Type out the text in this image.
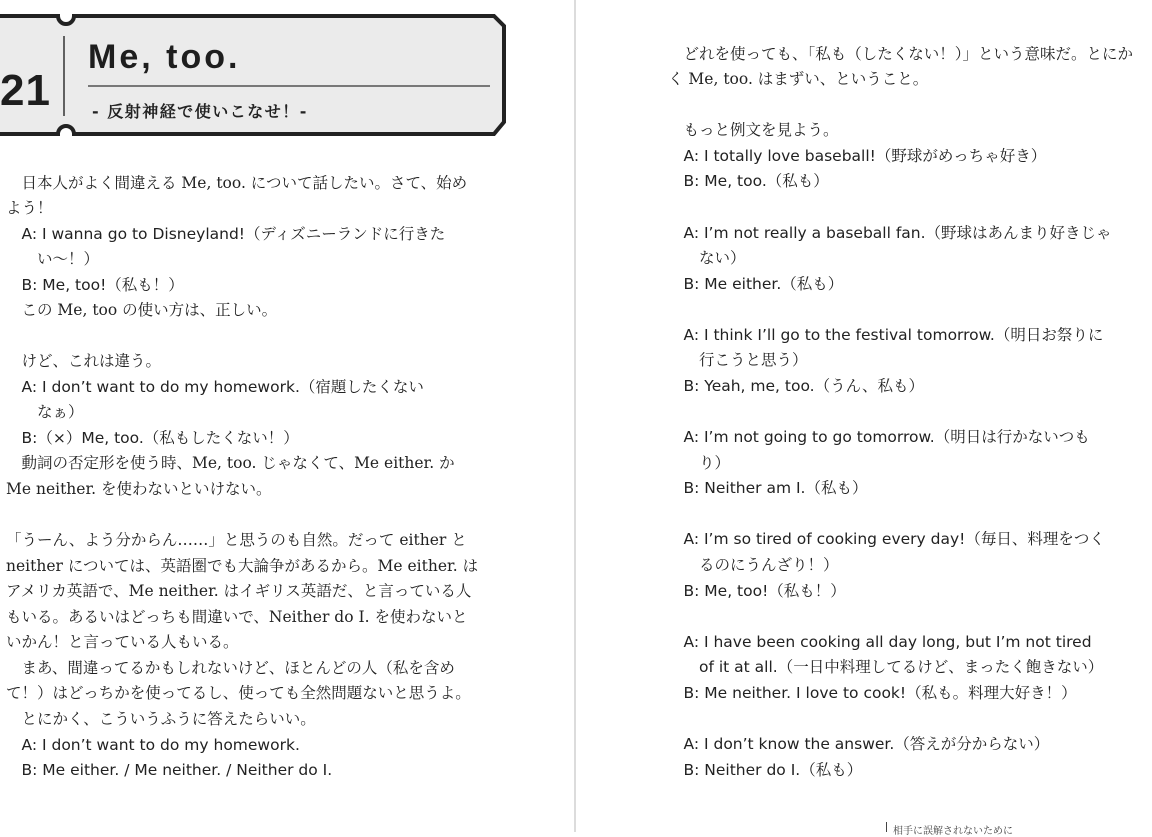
21
Me, too.
- 反射神経で使いこなせ！-
　日本人がよく間違える Me, too. について話したい。さて、始め
よう！
　A: I wanna go to Disneyland!（ディズニーランドに行きた
　　い〜！）
　B: Me, too!（私も！）
　この Me, too の使い方は、正しい。
　けど、これは違う。
　A: I don’t want to do my homework.（宿題したくない
　　なぁ）
　B:（×）Me, too.（私もしたくない！）
　動詞の否定形を使う時、Me, too. じゃなくて、Me either. か
Me neither. を使わないといけない。
「うーん、よう分からん……」と思うのも自然。だって either と
neither については、英語圏でも大論争があるから。Me either. は
アメリカ英語で、Me neither. はイギリス英語だ、と言っている人
もいる。あるいはどっちも間違いで、Neither do I. を使わないと
いかん！と言っている人もいる。
　まあ、間違ってるかもしれないけど、ほとんどの人（私を含め
て！）はどっちかを使ってるし、使っても全然問題ないと思うよ。
　とにかく、こういうふうに答えたらいい。
　A: I don’t want to do my homework.
　B: Me either. / Me neither. / Neither do I.
　どれを使っても、「私も（したくない！）」という意味だ。とにか
く Me, too. はまずい、ということ。
　もっと例文を見よう。
　A: I totally love baseball!（野球がめっちゃ好き）
　B: Me, too.（私も）
　A: I’m not really a baseball fan.（野球はあんまり好きじゃ
　　ない）
　B: Me either.（私も）
　A: I think I’ll go to the festival tomorrow.（明日お祭りに
　　行こうと思う）
　B: Yeah, me, too.（うん、私も）
　A: I’m not going to go tomorrow.（明日は行かないつも
　　り）
　B: Neither am I.（私も）
　A: I’m so tired of cooking every day!（毎日、料理をつく
　　るのにうんざり！）
　B: Me, too!（私も！）
　A: I have been cooking all day long, but I’m not tired
　　of it at all.（一日中料理してるけど、まったく飽きない）
　B: Me neither. I love to cook!（私も。料理大好き！）
　A: I don’t know the answer.（答えが分からない）
　B: Neither do I.（私も）
相手に誤解されないために
